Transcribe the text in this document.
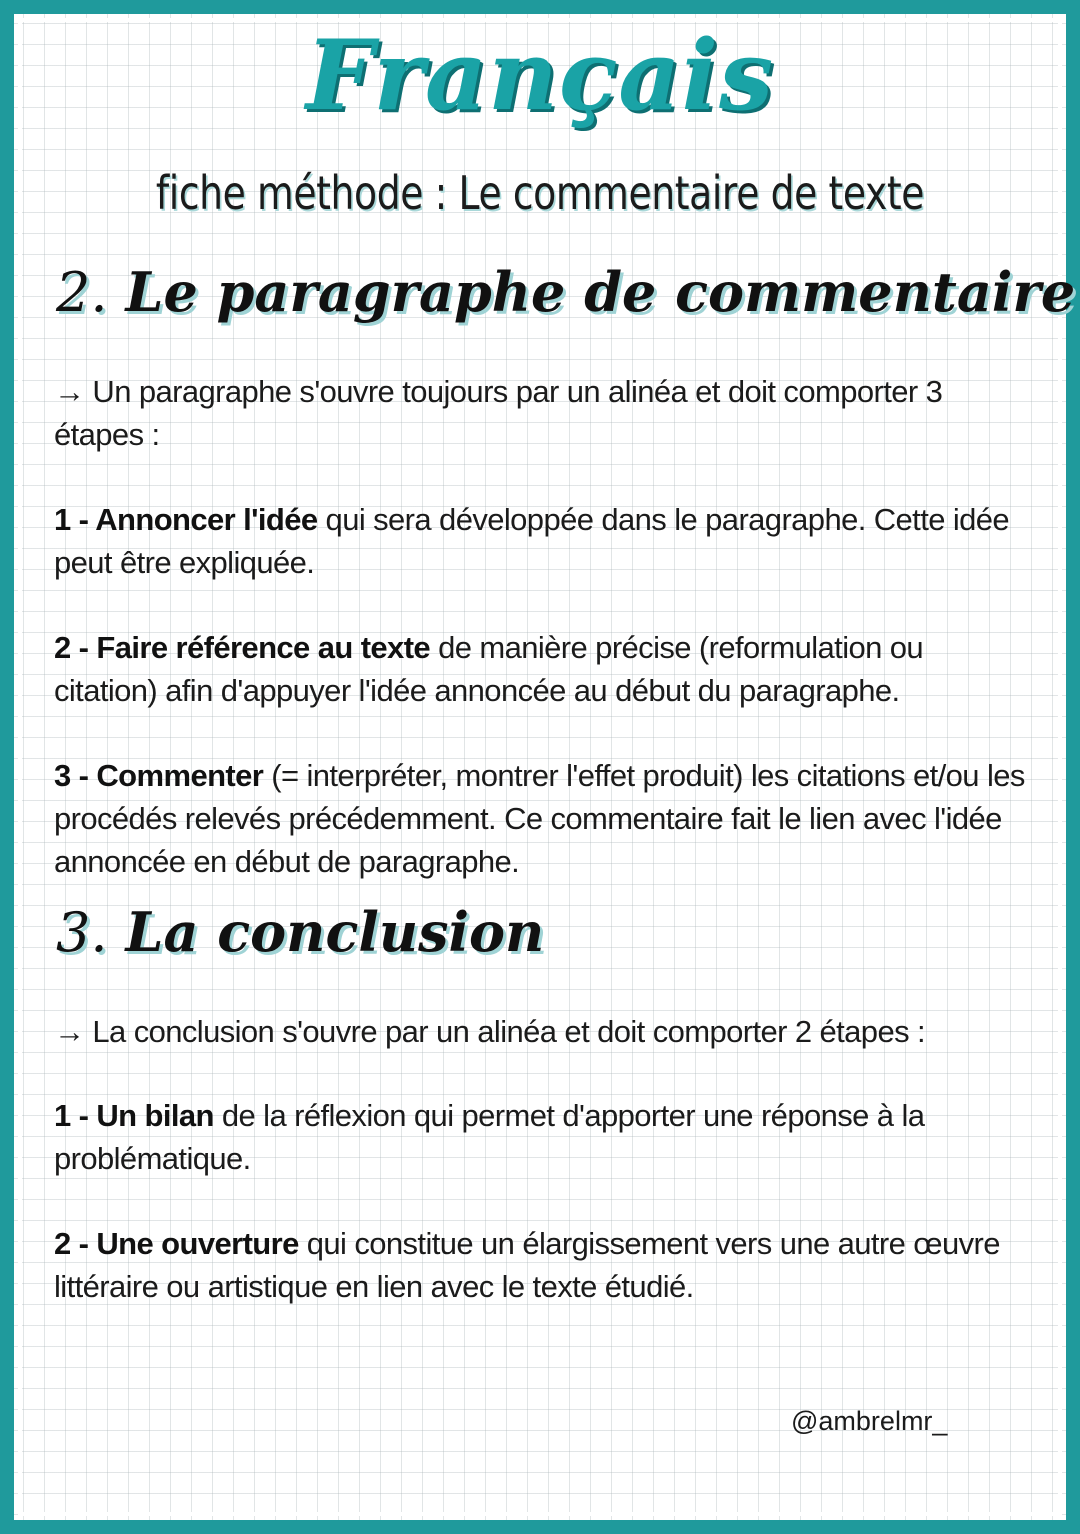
Français
fiche méthode : Le commentaire de texte
2. Le paragraphe de commentaire
→ Un paragraphe s'ouvre toujours par un alinéa et doit comporter 3 étapes :
1 - Annoncer l'idée qui sera développée dans le paragraphe. Cette idée peut être expliquée.
2 - Faire référence au texte de manière précise (reformulation ou citation) afin d'appuyer l'idée annoncée au début du paragraphe.
3 - Commenter (= interpréter, montrer l'effet produit) les citations et/ou les procédés relevés précédemment. Ce commentaire fait le lien avec l'idée annoncée en début de paragraphe.
3. La conclusion
→ La conclusion s'ouvre par un alinéa et doit comporter 2 étapes :
1 - Un bilan de la réflexion qui permet d'apporter une réponse à la problématique.
2 - Une ouverture qui constitue un élargissement vers une autre œuvre littéraire ou artistique en lien avec le texte étudié.
@ambrelmr_
